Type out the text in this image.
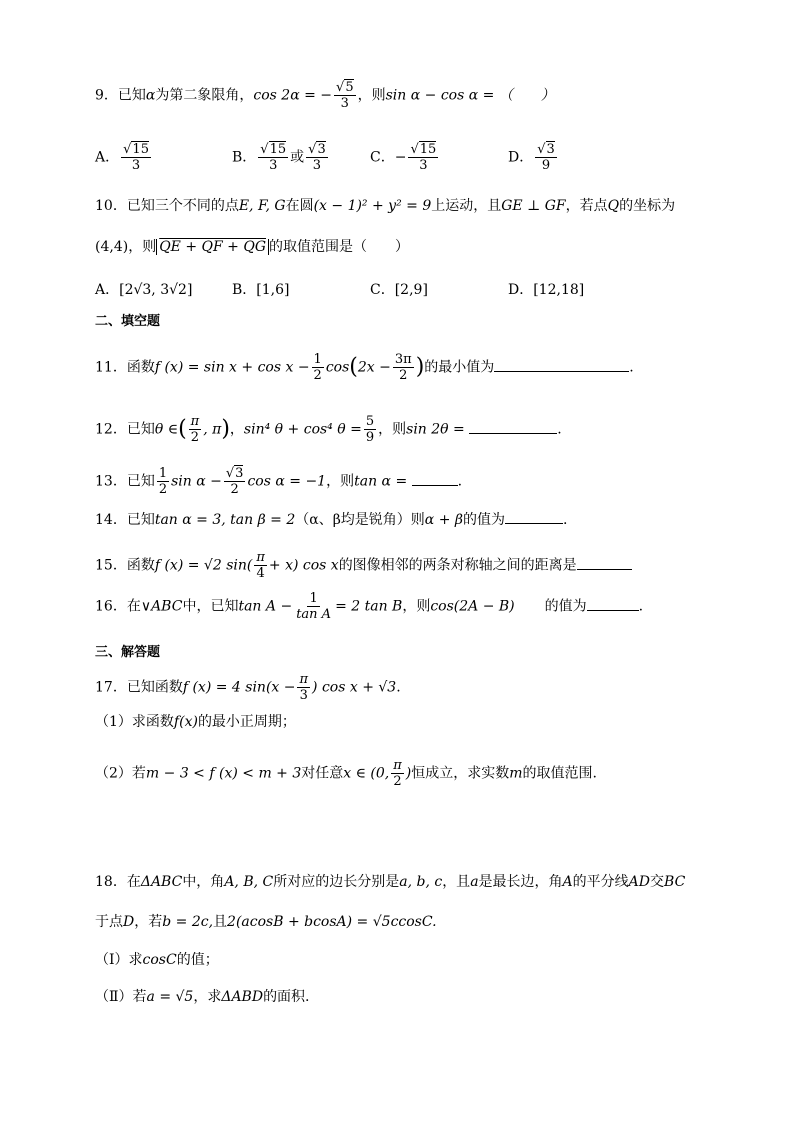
9．已知α为第二象限角，cos 2α = − √ $\frac{5}{3}$ ，则sin α − cos α = （　　）
A． √ $\frac{15}{3}$	B． √ $\frac{15}{3}$ 或 √ $\frac{3}{3}$	C．− √ $\frac{15}{3}$	D． √ $\frac{3}{9}$
10．已知三个不同的点E, F, G在圆(x − 1)² + y² = 9上运动，且GE ⊥ GF，若点Q的坐标为
(4,4)，则 QE + QF + QG 的取值范围是（　　）
A．[2√3, 3√2]	B．[1,6]	C．[2,9]	D．[12,18]
二、填空题
11．函数f $(x) = \sin x + \cos x - \frac{1}{2} \cos(2x - \frac{3\pi}{2}$ )的最小值为	.
12．已知θ ∈( $\frac{\pi}{2}$ , π)，sin⁴ θ + cos⁴ $\theta = \frac{5}{9}$ ，则sin 2θ =	.
13．已知 $\frac{1}{2}$ sin α − √ $\frac{3}{2}$ cos α = −1，则tan α =	.
14．已知tan α = 3, tan β = 2（α、β均是锐角）则α + β的值为	.
15．函数f (x) = √2 $\sin( \frac{\pi}{4} + x)$ cos x的图像相邻的两条对称轴之间的距离是
16．在∨ABC中，已知$\tan A - \frac{1}{\text{tan A}} = 2$ tan B，则cos(2A − B) 的值为	.
三、解答题
17．已知函数f (x) = 4 $\sin(x - \frac{\pi}{3}$ ) cos x + √3.
（1）求函数f(x)的最小正周期；
（2）若m − 3 < f (x) < m + 3对任意x ∈ (0, $\frac{\pi}{2}$ )恒成立，求实数m的取值范围.
18．在ΔABC中，角A, B, C所对应的边长分别是a, b, c，且a是最长边，角A的平分线AD交BC
于点D，若b = 2c,且2(acosB + bcosA) = √5ccosC.
（Ⅰ）求cosC的值；
（Ⅱ）若a = √5，求ΔABD的面积.
